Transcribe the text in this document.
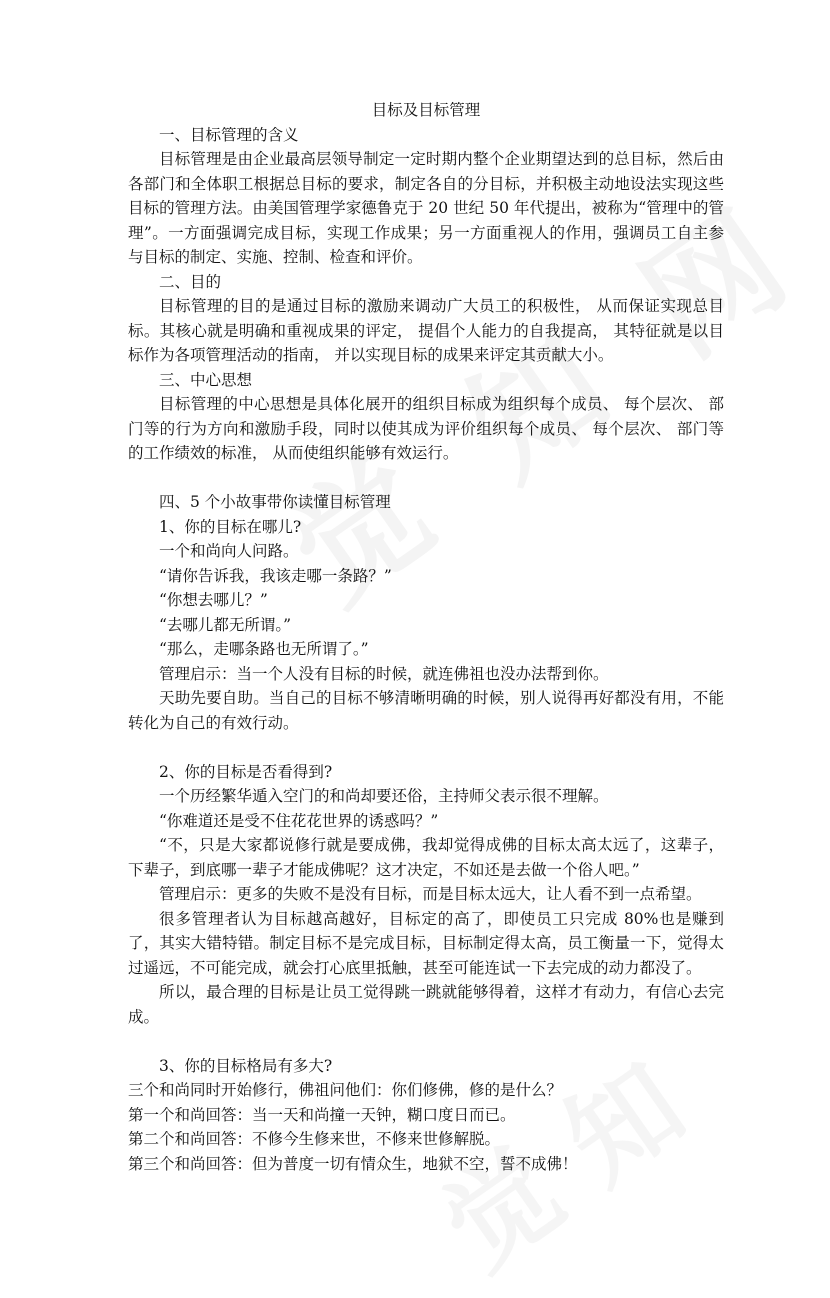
目标及目标管理

一、目标管理的含义

目标管理是由企业最高层领导制定一定时期内整个企业期望达到的总目标，然后由各部门和全体职工根据总目标的要求，制定各自的分目标，并积极主动地设法实现这些目标的管理方法。由美国管理学家德鲁克于 20 世纪 50 年代提出，被称为“管理中的管理”。一方面强调完成目标，实现工作成果；另一方面重视人的作用，强调员工自主参与目标的制定、实施、控制、检查和评价。

二、目的

目标管理的目的是通过目标的激励来调动广大员工的积极性， 从而保证实现总目标。其核心就是明确和重视成果的评定， 提倡个人能力的自我提高， 其特征就是以目标作为各项管理活动的指南， 并以实现目标的成果来评定其贡献大小。

三、中心思想

目标管理的中心思想是具体化展开的组织目标成为组织每个成员、 每个层次、 部门等的行为方向和激励手段，同时以使其成为评价组织每个成员、 每个层次、 部门等的工作绩效的标准， 从而使组织能够有效运行。

四、5 个小故事带你读懂目标管理

1、你的目标在哪儿?

一个和尚向人问路。

“请你告诉我，我该走哪一条路？”

“你想去哪儿？”

“去哪儿都无所谓。”

“那么，走哪条路也无所谓了。”

管理启示：当一个人没有目标的时候，就连佛祖也没办法帮到你。

天助先要自助。当自己的目标不够清晰明确的时候，别人说得再好都没有用，不能转化为自己的有效行动。

2、你的目标是否看得到?

一个历经繁华遁入空门的和尚却要还俗，主持师父表示很不理解。

“你难道还是受不住花花世界的诱惑吗？”

“不，只是大家都说修行就是要成佛，我却觉得成佛的目标太高太远了，这辈子，下辈子，到底哪一辈子才能成佛呢？这才决定，不如还是去做一个俗人吧。”

管理启示：更多的失败不是没有目标，而是目标太远大，让人看不到一点希望。

很多管理者认为目标越高越好，目标定的高了，即使员工只完成 80%也是赚到了，其实大错特错。制定目标不是完成目标，目标制定得太高，员工衡量一下，觉得太过遥远，不可能完成，就会打心底里抵触，甚至可能连试一下去完成的动力都没了。

所以，最合理的目标是让员工觉得跳一跳就能够得着，这样才有动力，有信心去完成。

3、你的目标格局有多大?

三个和尚同时开始修行，佛祖问他们：你们修佛，修的是什么？

第一个和尚回答：当一天和尚撞一天钟，糊口度日而已。

第二个和尚回答：不修今生修来世，不修来世修解脱。

第三个和尚回答：但为普度一切有情众生，地狱不空，誓不成佛！
